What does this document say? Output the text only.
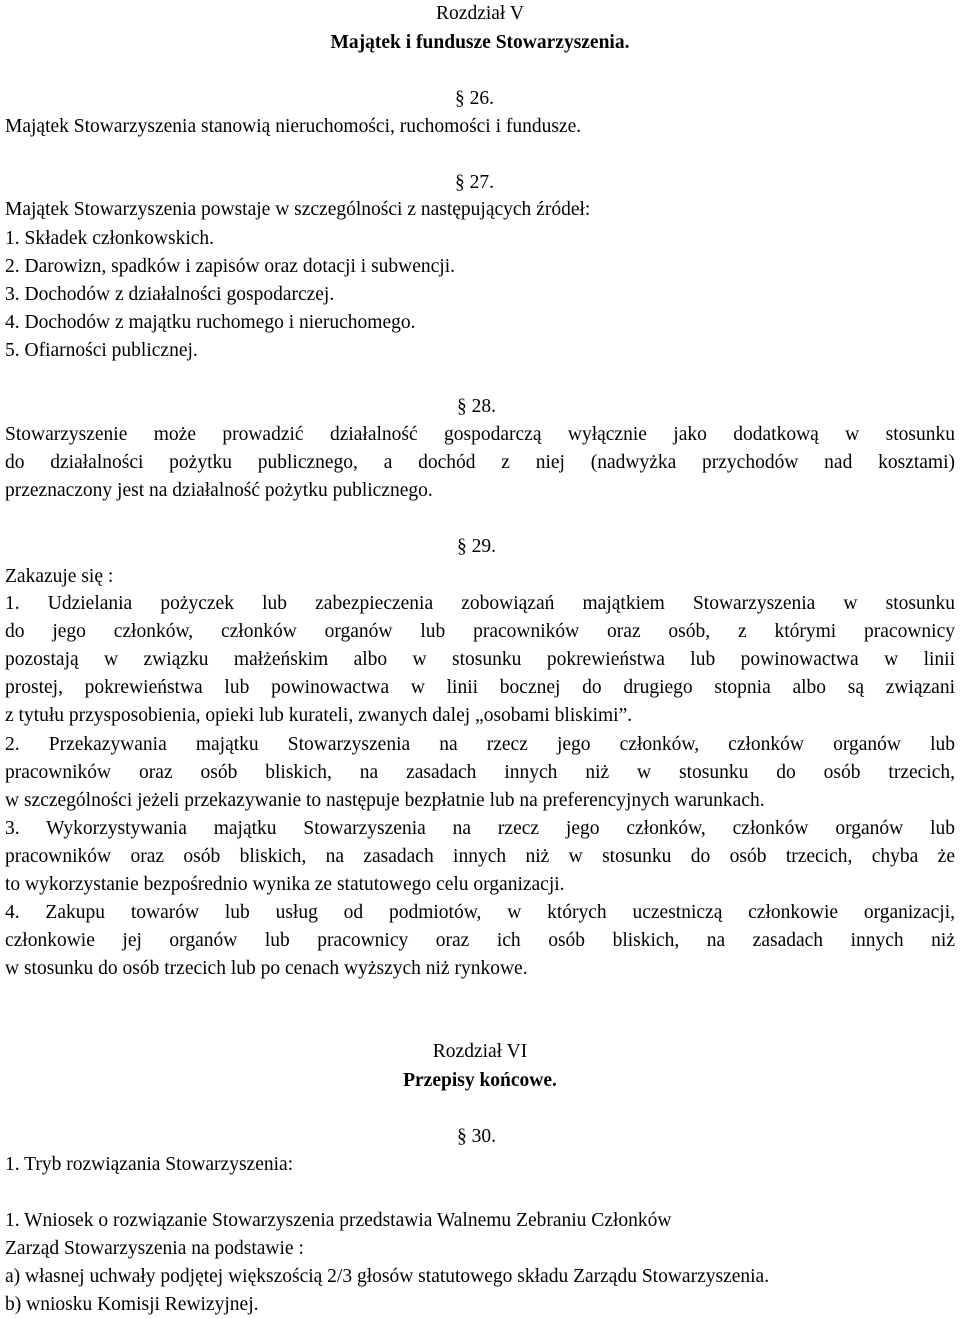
Rozdział V
Majątek i fundusze Stowarzyszenia.
§ 26.
Majątek Stowarzyszenia stanowią nieruchomości, ruchomości i fundusze.
§ 27.
Majątek Stowarzyszenia powstaje w szczególności z następujących źródeł:
1. Składek członkowskich.
2. Darowizn, spadków i zapisów oraz dotacji i subwencji.
3. Dochodów z działalności gospodarczej.
4. Dochodów z majątku ruchomego i nieruchomego.
5. Ofiarności publicznej.
§ 28.
Stowarzyszenie może prowadzić działalność gospodarczą wyłącznie jako dodatkową w stosunku
do działalności pożytku publicznego, a dochód z niej (nadwyżka przychodów nad kosztami)
przeznaczony jest na działalność pożytku publicznego.
§ 29.
Zakazuje się :
1. Udzielania pożyczek lub zabezpieczenia zobowiązań majątkiem Stowarzyszenia w stosunku
do jego członków, członków organów lub pracowników oraz osób, z którymi pracownicy
pozostają w związku małżeńskim albo w stosunku pokrewieństwa lub powinowactwa w linii
prostej, pokrewieństwa lub powinowactwa w linii bocznej do drugiego stopnia albo są związani
z tytułu przysposobienia, opieki lub kurateli, zwanych dalej „osobami bliskimi”.
2. Przekazywania majątku Stowarzyszenia na rzecz jego członków, członków organów lub
pracowników oraz osób bliskich, na zasadach innych niż w stosunku do osób trzecich,
w szczególności jeżeli przekazywanie to następuje bezpłatnie lub na preferencyjnych warunkach.
3. Wykorzystywania majątku Stowarzyszenia na rzecz jego członków, członków organów lub
pracowników oraz osób bliskich, na zasadach innych niż w stosunku do osób trzecich, chyba że
to wykorzystanie bezpośrednio wynika ze statutowego celu organizacji.
4. Zakupu towarów lub usług od podmiotów, w których uczestniczą członkowie organizacji,
członkowie jej organów lub pracownicy oraz ich osób bliskich, na zasadach innych niż
w stosunku do osób trzecich lub po cenach wyższych niż rynkowe.
Rozdział VI
Przepisy końcowe.
§ 30.
1. Tryb rozwiązania Stowarzyszenia:
1. Wniosek o rozwiązanie Stowarzyszenia przedstawia Walnemu Zebraniu Członków
Zarząd Stowarzyszenia na podstawie :
a) własnej uchwały podjętej większością 2/3 głosów statutowego składu Zarządu Stowarzyszenia.
b) wniosku Komisji Rewizyjnej.
